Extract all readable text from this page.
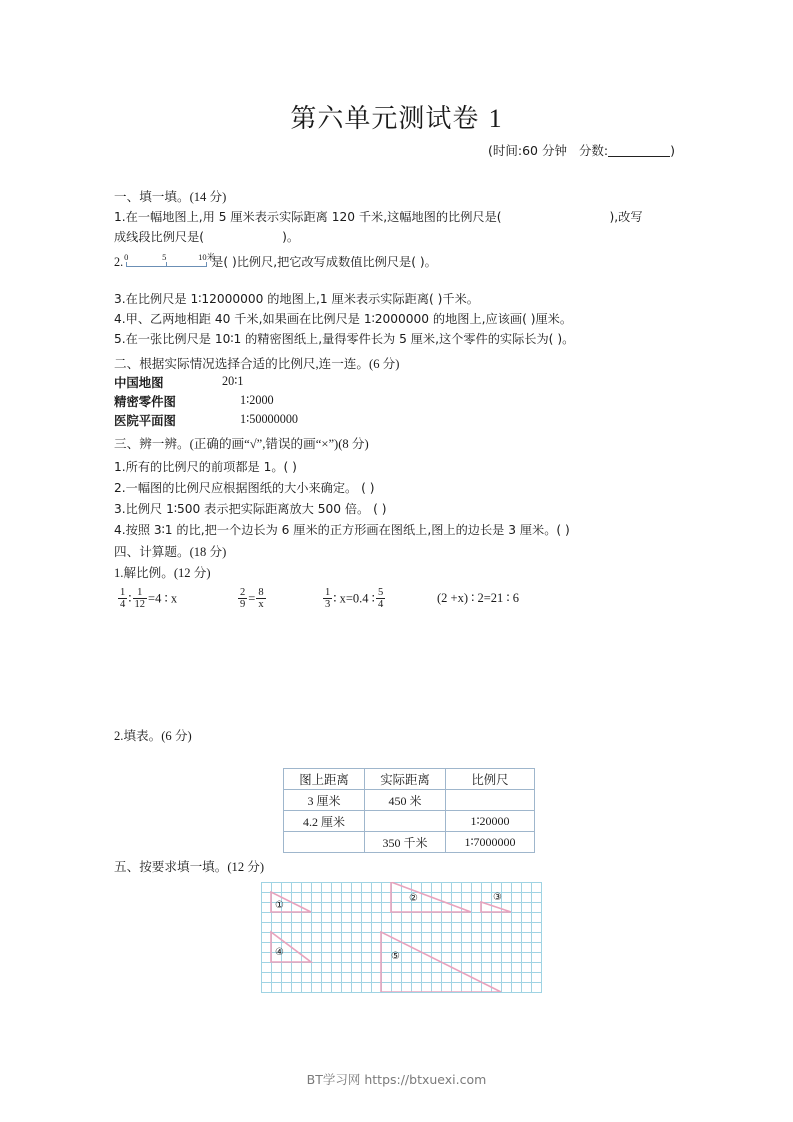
第六单元测试卷 1
(时间:60 分钟 分数:	)
一、填一填。(14 分)
1.在一幅地图上,用 5 厘米表示实际距离 120 千米,这幅地图的比例尺是(	),改写
成线段比例尺是(	)。
2. 0	5	10米
是( )比例尺,把它改写成数值比例尺是( )。
3.在比例尺是 1∶12000000 的地图上,1 厘米表示实际距离( )千米。
4.甲、乙两地相距 40 千米,如果画在比例尺是 1∶2000000 的地图上,应该画( )厘米。
5.在一张比例尺是 10∶1 的精密图纸上,量得零件长为 5 厘米,这个零件的实际长为( )。
二、根据实际情况选择合适的比例尺,连一连。(6 分)
中国地图
精密零件图
医院平面图
20∶1
1∶2000
1∶50000000
三、辨一辨。(正确的画“√”,错误的画“×”)(8 分)
1.所有的比例尺的前项都是 1。( )
2.一幅图的比例尺应根据图纸的大小来确定。 ( )
3.比例尺 1∶500 表示把实际距离放大 500 倍。 ( )
4.按照 3∶1 的比,把一个边长为 6 厘米的正方形画在图纸上,图上的边长是 3 厘米。( )
四、计算题。(18 分)
1.解比例。(12 分)
$\frac{1}{4}$ ∶ $\frac{1}{12} =4$ ∶ x	$\frac{2}{9} = \frac{8}{x}$	$\frac{1}{3}$ ∶ x=0.4 ∶ $\frac{5}{4}$	(2 +x) ∶ 2=21 ∶ 6
2.填表。(6 分)
图上距离	实际距离	比例尺
3 厘米	450 米	
4.2 厘米		1∶20000
	350 千米	1∶7000000
五、按要求填一填。(12 分)
①
②	③
④	⑤
BT学习网 https://btxuexi.com
